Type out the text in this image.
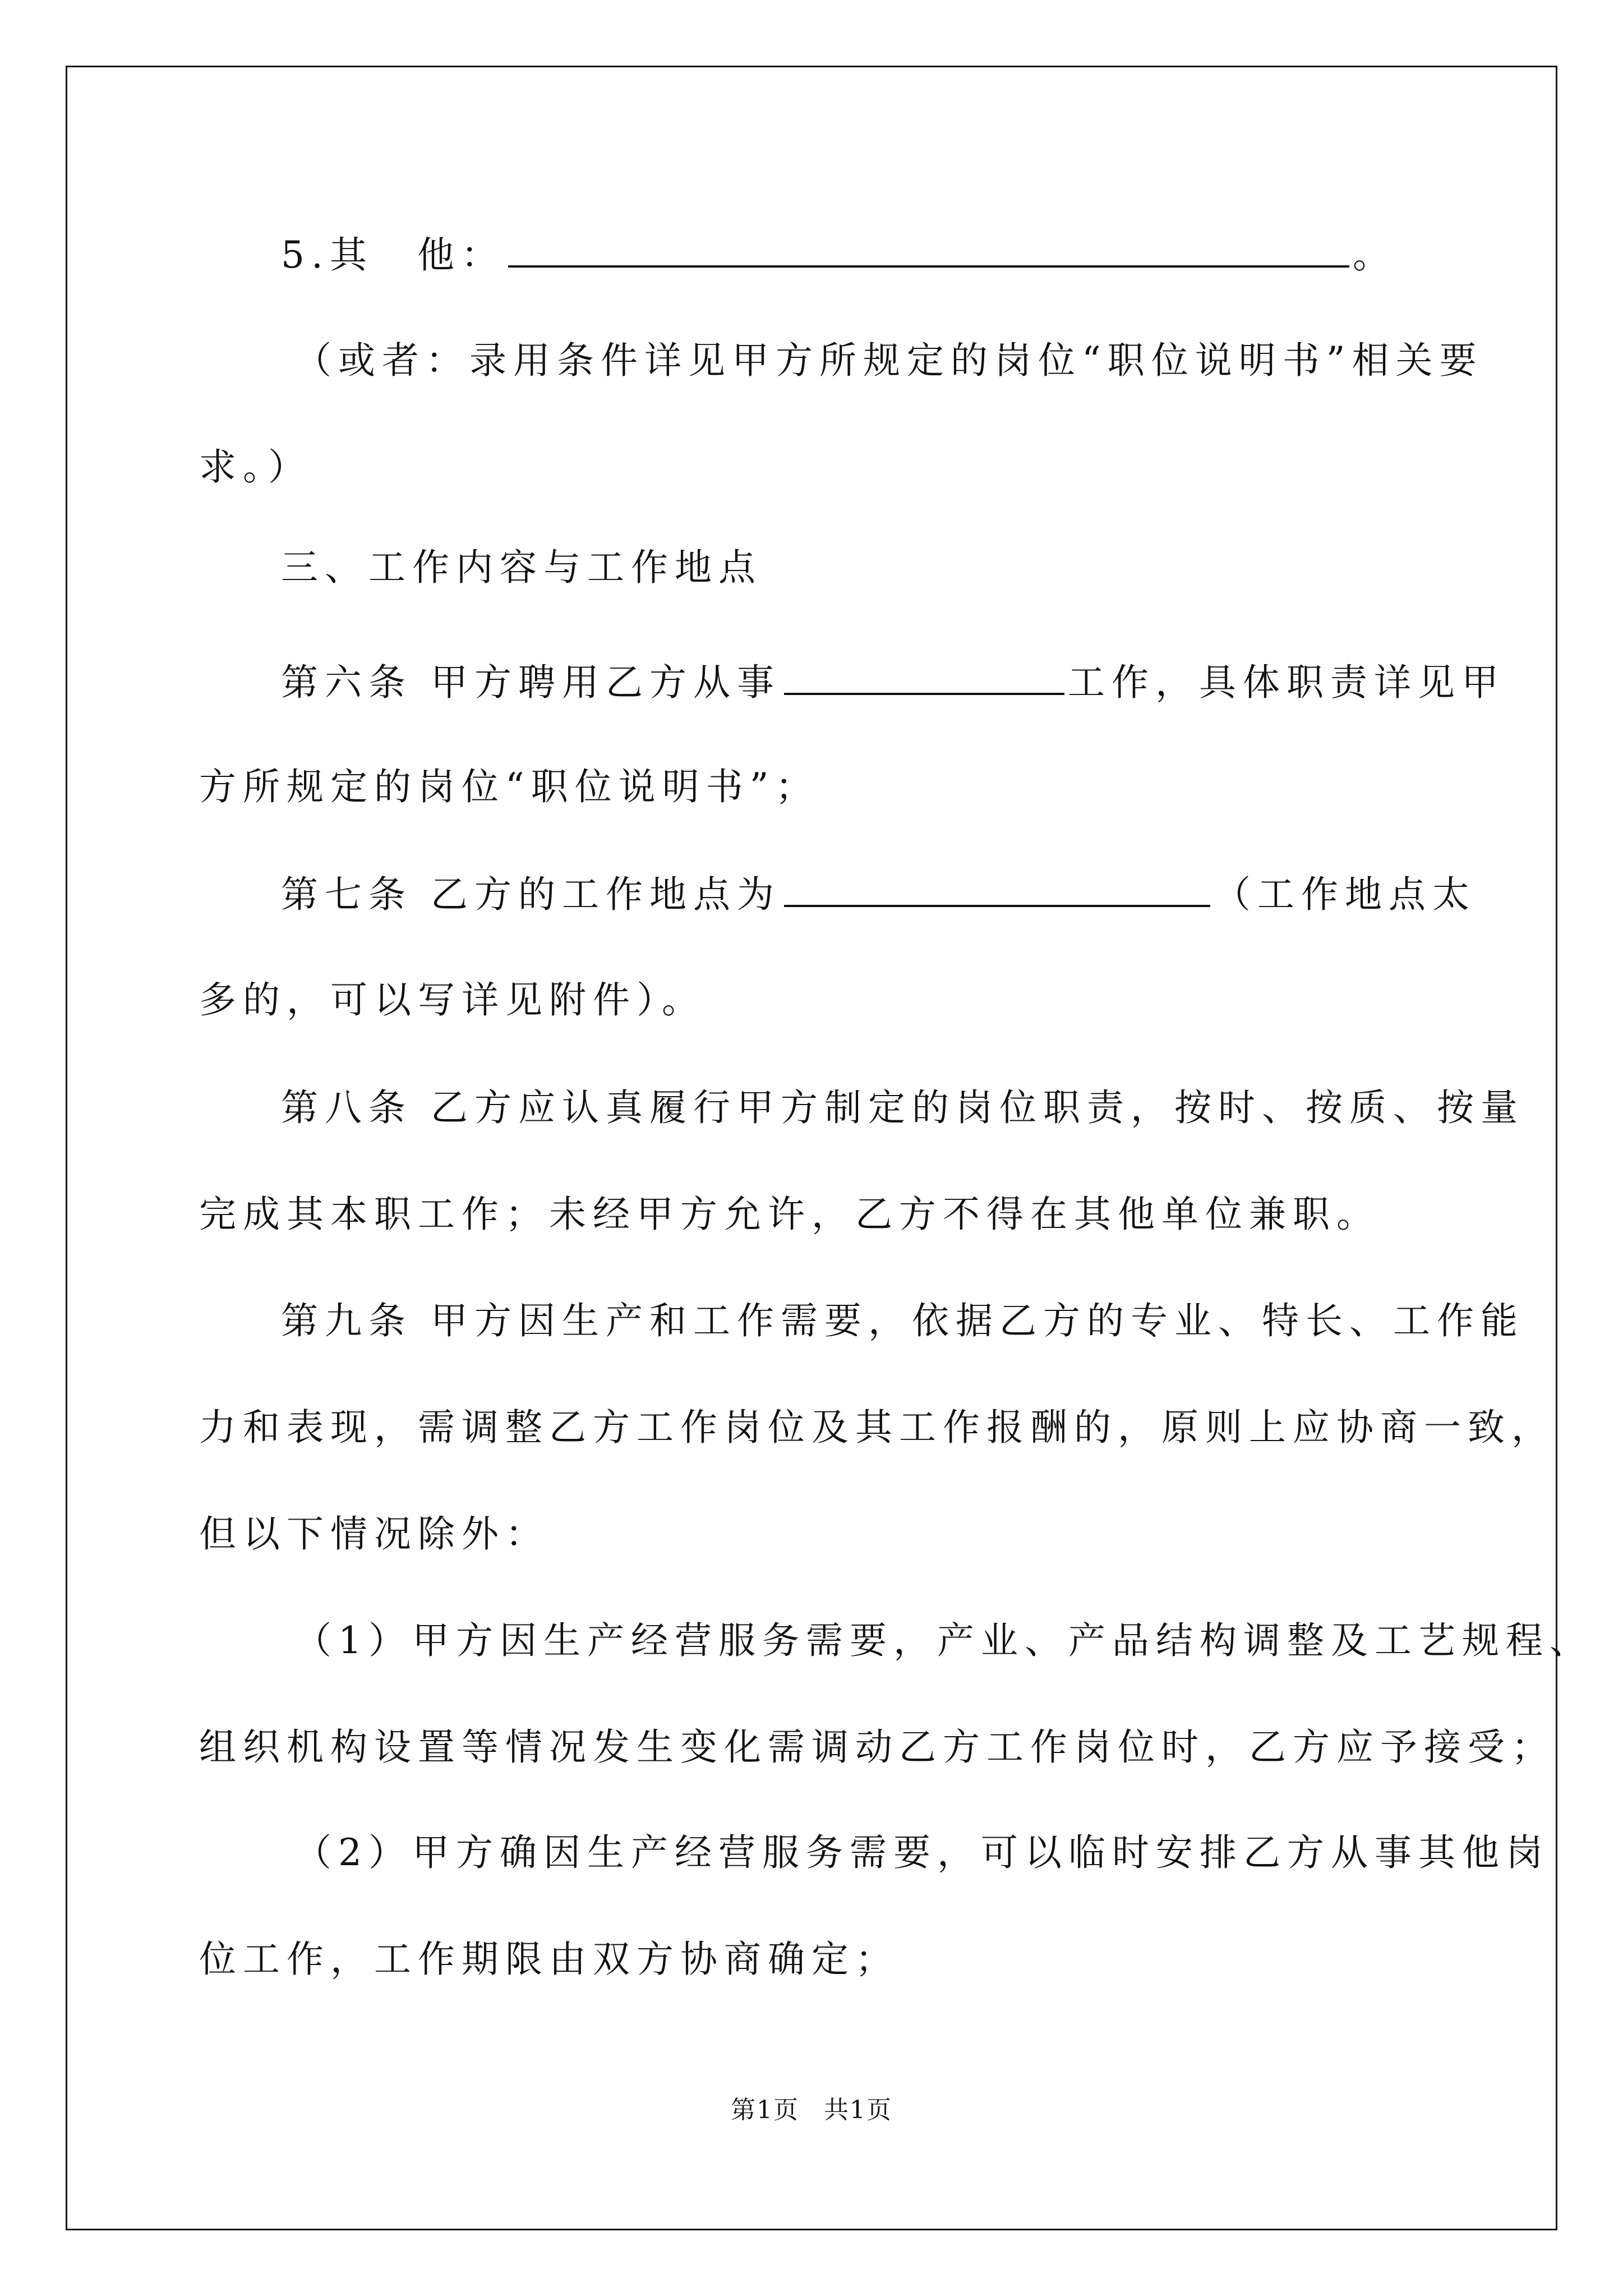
5.其　他：	。
（或者：录用条件详见甲方所规定的岗位“职位说明书”相关要
求。）
三、工作内容与工作地点
第六条 甲方聘用乙方从事	工作，具体职责详见甲
方所规定的岗位“职位说明书”；
第七条 乙方的工作地点为	（工作地点太
多的，可以写详见附件）。
第八条 乙方应认真履行甲方制定的岗位职责，按时、按质、按量
完成其本职工作；未经甲方允许，乙方不得在其他单位兼职。
第九条 甲方因生产和工作需要，依据乙方的专业、特长、工作能
力和表现，需调整乙方工作岗位及其工作报酬的，原则上应协商一致，
但以下情况除外：
（1）甲方因生产经营服务需要，产业、产品结构调整及工艺规程、
组织机构设置等情况发生变化需调动乙方工作岗位时，乙方应予接受；
（2）甲方确因生产经营服务需要，可以临时安排乙方从事其他岗
位工作，工作期限由双方协商确定；
第1页 共1页
